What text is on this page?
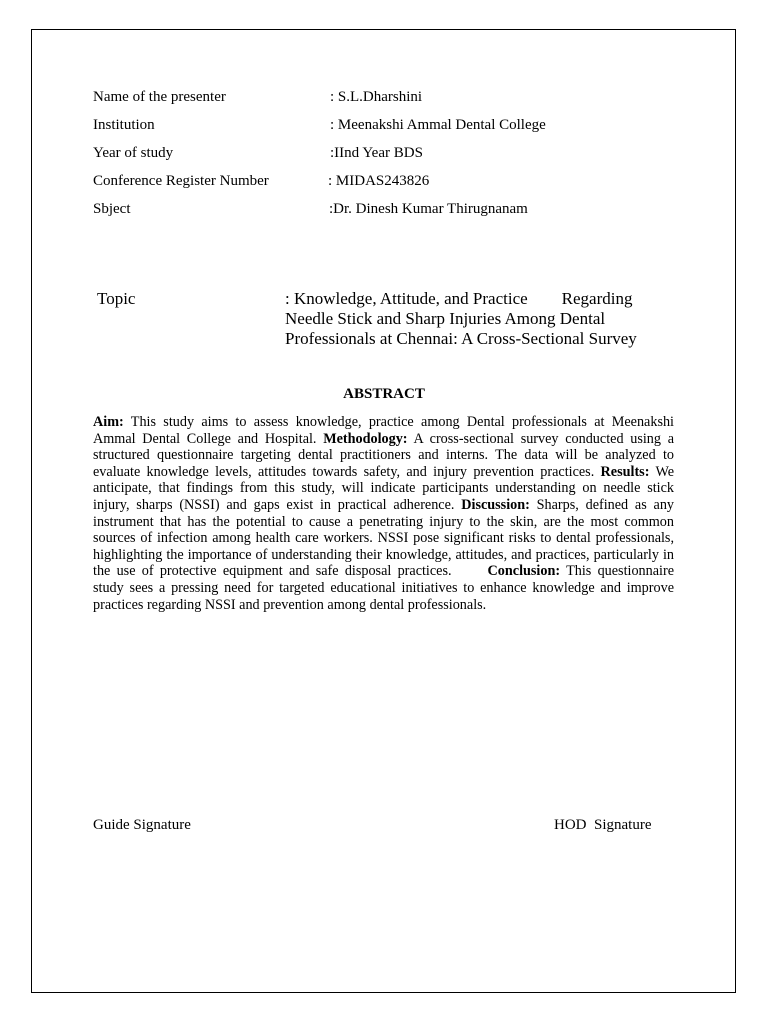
Name of the presenter	: S.L.Dharshini
Institution	: Meenakshi Ammal Dental College
Year of study	:IInd Year BDS
Conference Register Number	: MIDAS243826
Sbject	:Dr. Dinesh Kumar Thirugnanam
Topic	: Knowledge, Attitude, and Practice        Regarding
Needle Stick and Sharp Injuries Among Dental
Professionals at Chennai: A Cross-Sectional Survey
ABSTRACT
Aim: This study aims to assess knowledge, practice among Dental professionals at Meenakshi Ammal Dental College and Hospital. Methodology: A cross-sectional survey conducted using a structured questionnaire targeting dental practitioners and interns. The data will be analyzed to evaluate knowledge levels, attitudes towards safety, and injury prevention practices. Results: We anticipate, that findings from this study, will indicate participants understanding on needle stick injury, sharps (NSSI) and gaps exist in practical adherence. Discussion: Sharps, defined as any instrument that has the potential to cause a penetrating injury to the skin, are the most common sources of infection among health care workers. NSSI pose significant risks to dental professionals, highlighting the importance of understanding their knowledge, attitudes, and practices, particularly in the use of protective equipment and safe disposal practices.	Conclusion: This questionnaire study sees a pressing need for targeted educational initiatives to enhance knowledge and improve practices regarding NSSI and prevention among dental professionals.
Guide Signature	HOD  Signature
